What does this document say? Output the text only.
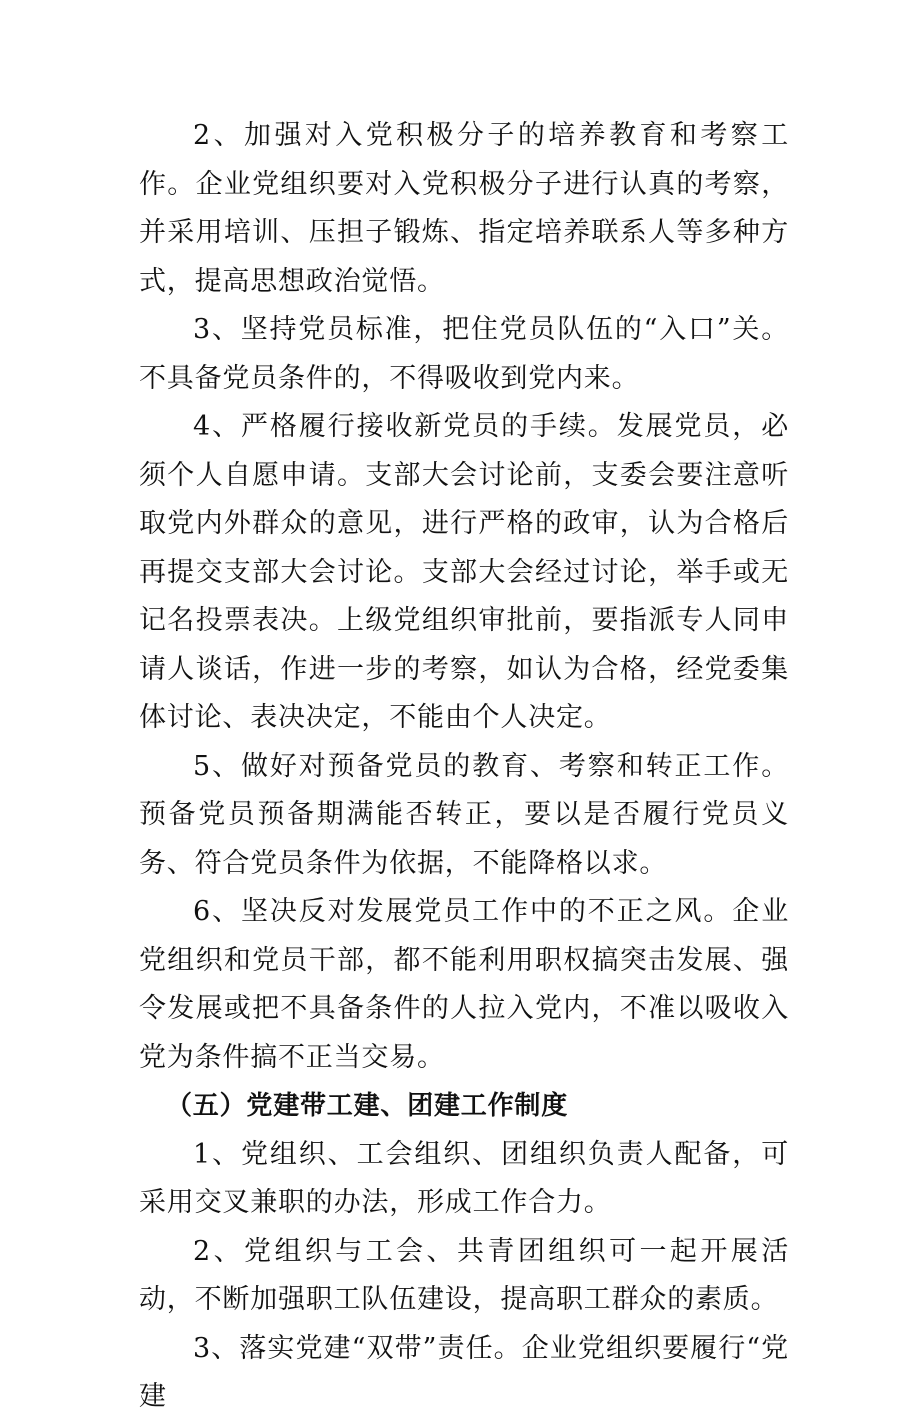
2、加强对入党积极分子的培养教育和考察工作。企业党组织要对入党积极分子进行认真的考察，并采用培训、压担子锻炼、指定培养联系人等多种方式，提高思想政治觉悟。

3、坚持党员标准，把住党员队伍的“入口”关。不具备党员条件的，不得吸收到党内来。

4、严格履行接收新党员的手续。发展党员，必须个人自愿申请。支部大会讨论前，支委会要注意听取党内外群众的意见，进行严格的政审，认为合格后再提交支部大会讨论。支部大会经过讨论，举手或无记名投票表决。上级党组织审批前，要指派专人同申请人谈话，作进一步的考察，如认为合格，经党委集体讨论、表决决定，不能由个人决定。

5、做好对预备党员的教育、考察和转正工作。预备党员预备期满能否转正，要以是否履行党员义务、符合党员条件为依据，不能降格以求。

6、坚决反对发展党员工作中的不正之风。企业党组织和党员干部，都不能利用职权搞突击发展、强令发展或把不具备条件的人拉入党内，不准以吸收入党为条件搞不正当交易。

（五）党建带工建、团建工作制度

1、党组织、工会组织、团组织负责人配备，可采用交叉兼职的办法，形成工作合力。

2、党组织与工会、共青团组织可一起开展活动，不断加强职工队伍建设，提高职工群众的素质。

3、落实党建“双带”责任。企业党组织要履行“党建
